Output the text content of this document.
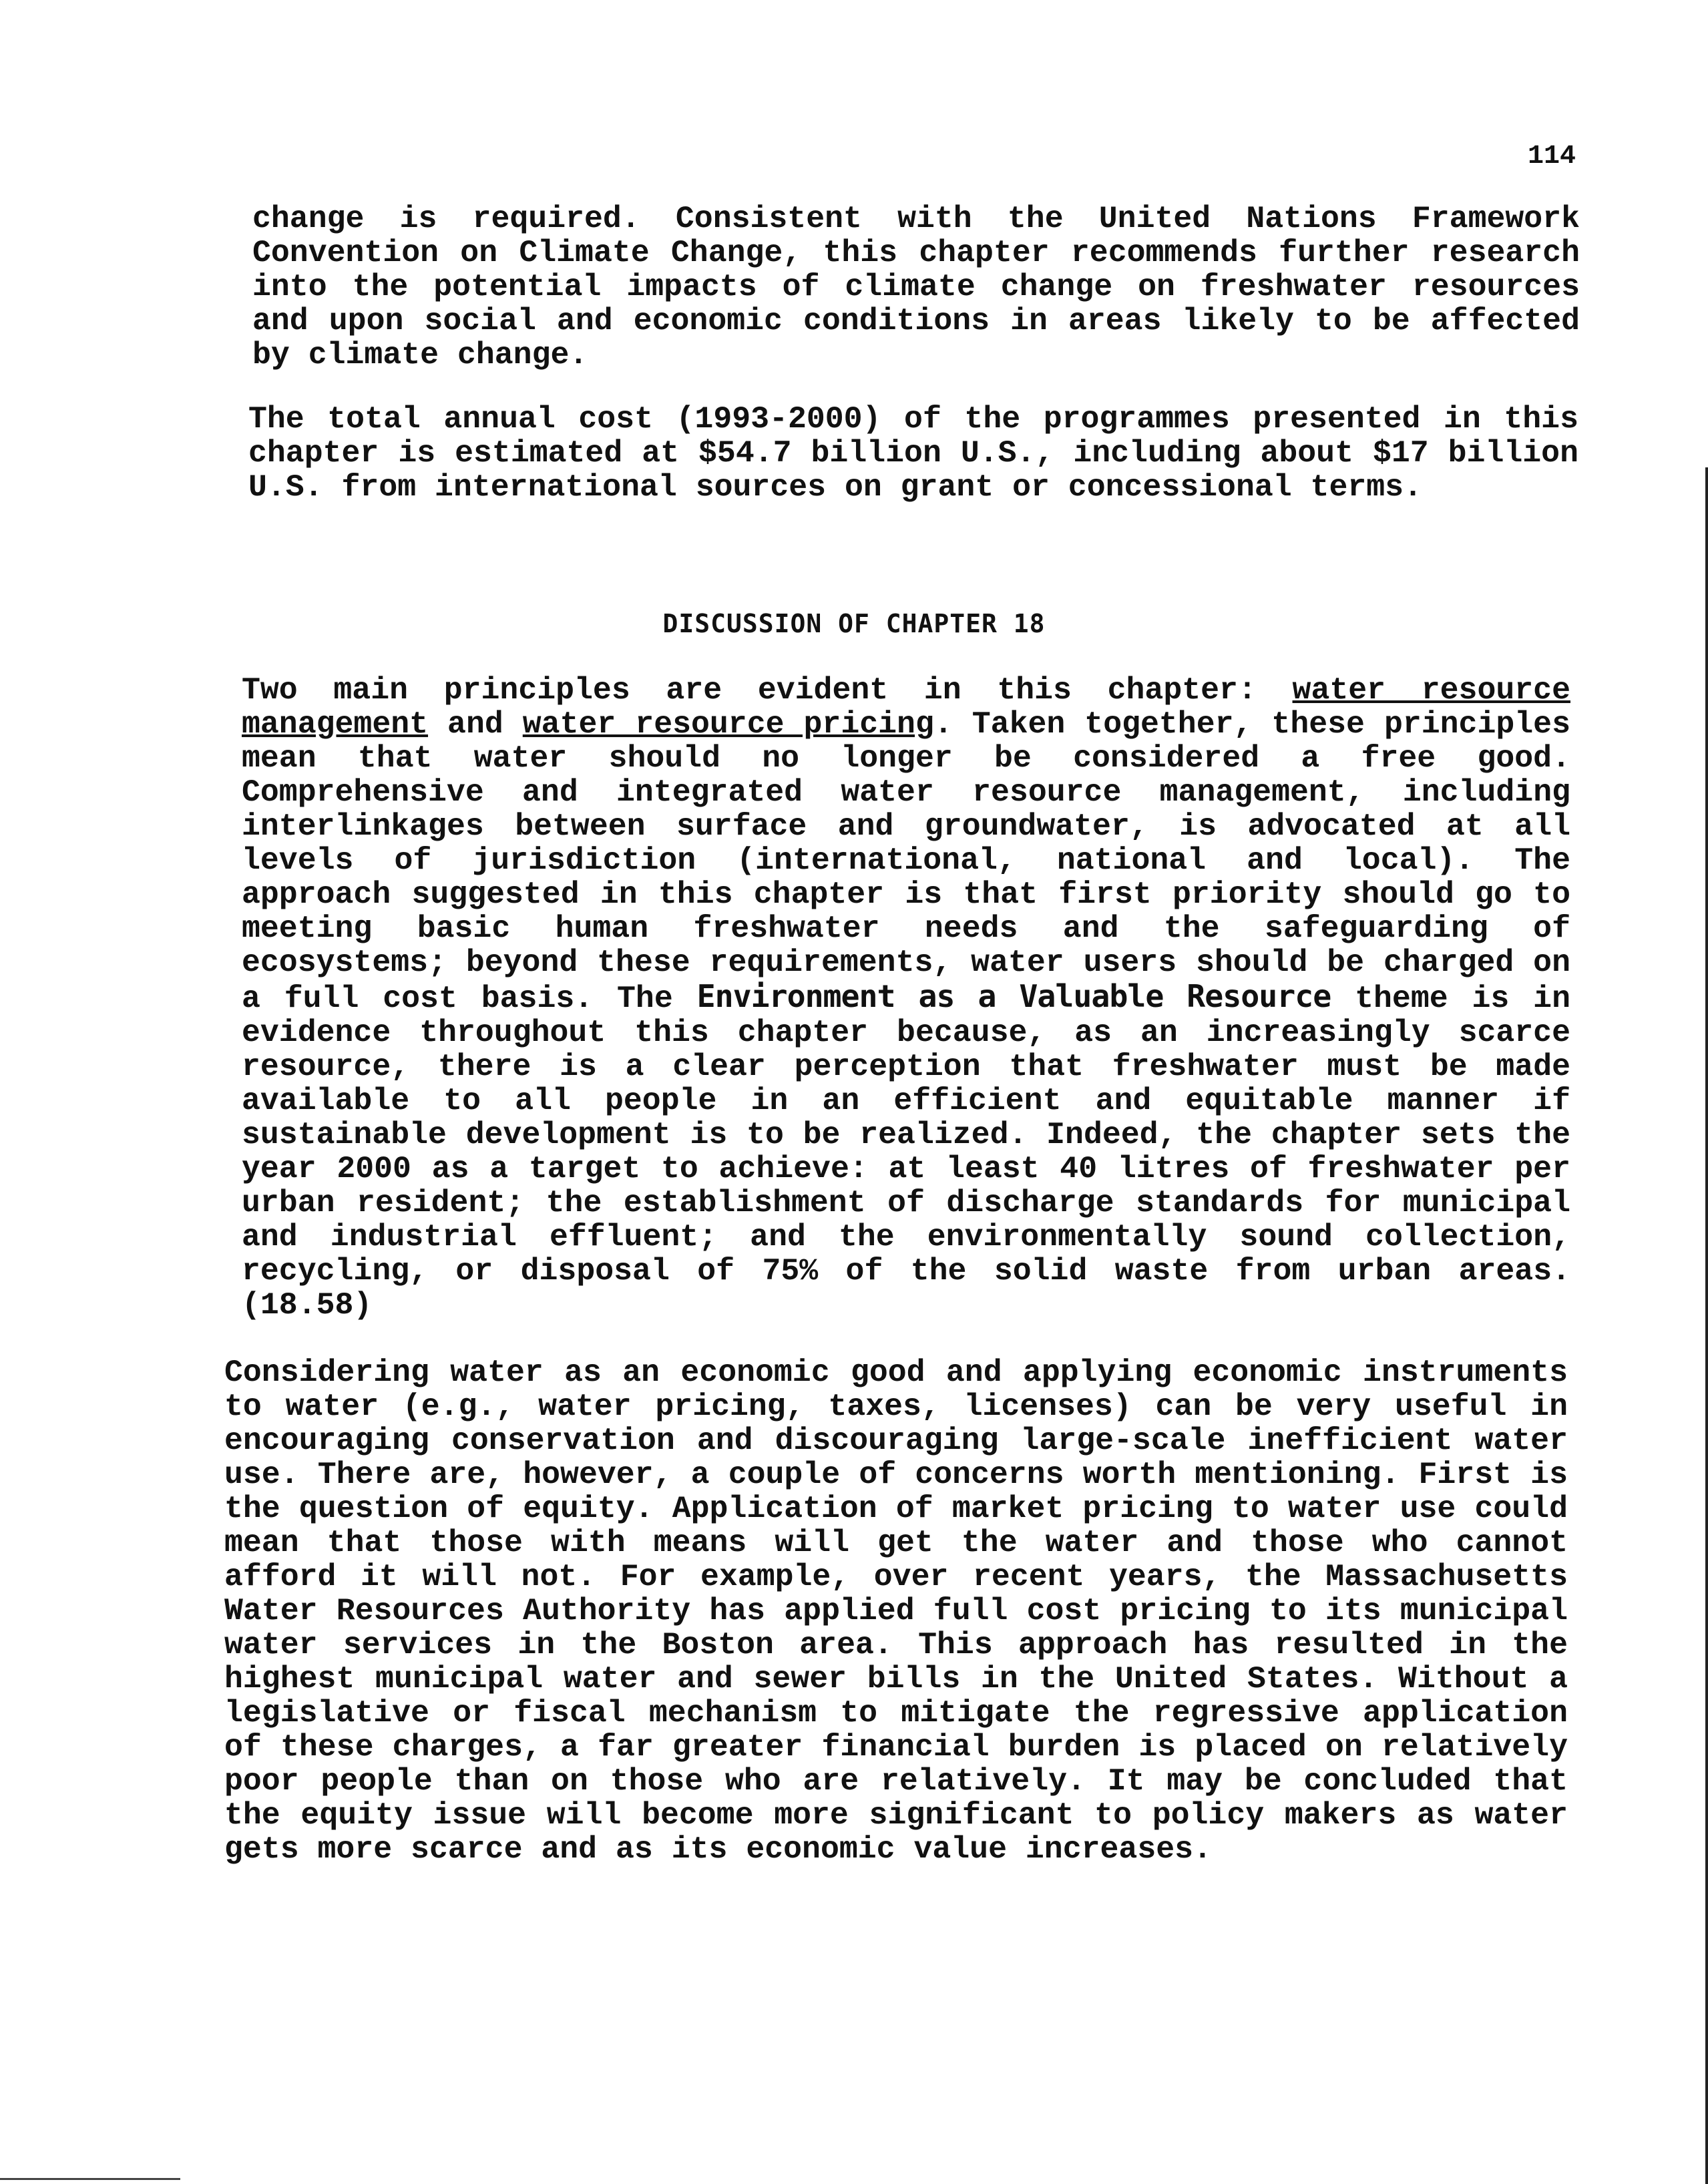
114

change is required. Consistent with the United Nations Framework Convention on Climate Change, this chapter recommends further research into the potential impacts of climate change on freshwater resources and upon social and economic conditions in areas likely to be affected by climate change.

The total annual cost (1993-2000) of the programmes presented in this chapter is estimated at $54.7 billion U.S., including about $17 billion U.S. from international sources on grant or concessional terms.

DISCUSSION OF CHAPTER 18

Two main principles are evident in this chapter: water resource management and water resource pricing. Taken together, these principles mean that water should no longer be considered a free good. Comprehensive and integrated water resource management, including interlinkages between surface and groundwater, is advocated at all levels of jurisdiction (international, national and local). The approach suggested in this chapter is that first priority should go to meeting basic human freshwater needs and the safeguarding of ecosystems; beyond these requirements, water users should be charged on a full cost basis. The Environment as a Valuable Resource theme is in evidence throughout this chapter because, as an increasingly scarce resource, there is a clear perception that freshwater must be made available to all people in an efficient and equitable manner if sustainable development is to be realized. Indeed, the chapter sets the year 2000 as a target to achieve: at least 40 litres of freshwater per urban resident; the establishment of discharge standards for municipal and industrial effluent; and the environmentally sound collection, recycling, or disposal of 75% of the solid waste from urban areas. (18.58)

Considering water as an economic good and applying economic instruments to water (e.g., water pricing, taxes, licenses) can be very useful in encouraging conservation and discouraging large-scale inefficient water use. There are, however, a couple of concerns worth mentioning. First is the question of equity. Application of market pricing to water use could mean that those with means will get the water and those who cannot afford it will not. For example, over recent years, the Massachusetts Water Resources Authority has applied full cost pricing to its municipal water services in the Boston area. This approach has resulted in the highest municipal water and sewer bills in the United States. Without a legislative or fiscal mechanism to mitigate the regressive application of these charges, a far greater financial burden is placed on relatively poor people than on those who are relatively. It may be concluded that the equity issue will become more significant to policy makers as water gets more scarce and as its economic value increases.
